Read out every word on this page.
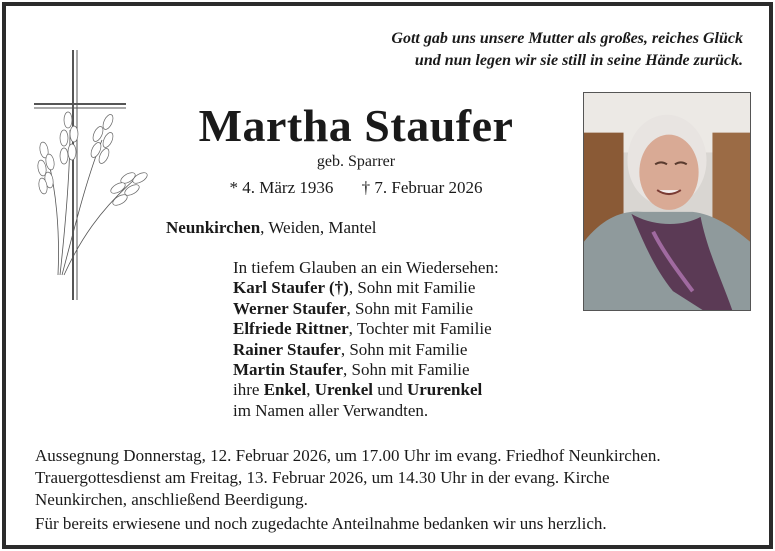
Gott gab uns unsere Mutter als großes, reiches Glück
und nun legen wir sie still in seine Hände zurück.
Martha Staufer
geb. Sparrer
* 4. März 1936 † 7. Februar 2026
Neunkirchen, Weiden, Mantel
In tiefem Glauben an ein Wiedersehen:
Karl Staufer (†), Sohn mit Familie
Werner Staufer, Sohn mit Familie
Elfriede Rittner, Tochter mit Familie
Rainer Staufer, Sohn mit Familie
Martin Staufer, Sohn mit Familie
ihre Enkel, Urenkel und Ururenkel
im Namen aller Verwandten.
Aussegnung Donnerstag, 12. Februar 2026, um 17.00 Uhr im evang. Friedhof Neunkirchen.
Trauergottesdienst am Freitag, 13. Februar 2026, um 14.30 Uhr in der evang. Kirche
Neunkirchen, anschließend Beerdigung.
Für bereits erwiesene und noch zugedachte Anteilnahme bedanken wir uns herzlich.
